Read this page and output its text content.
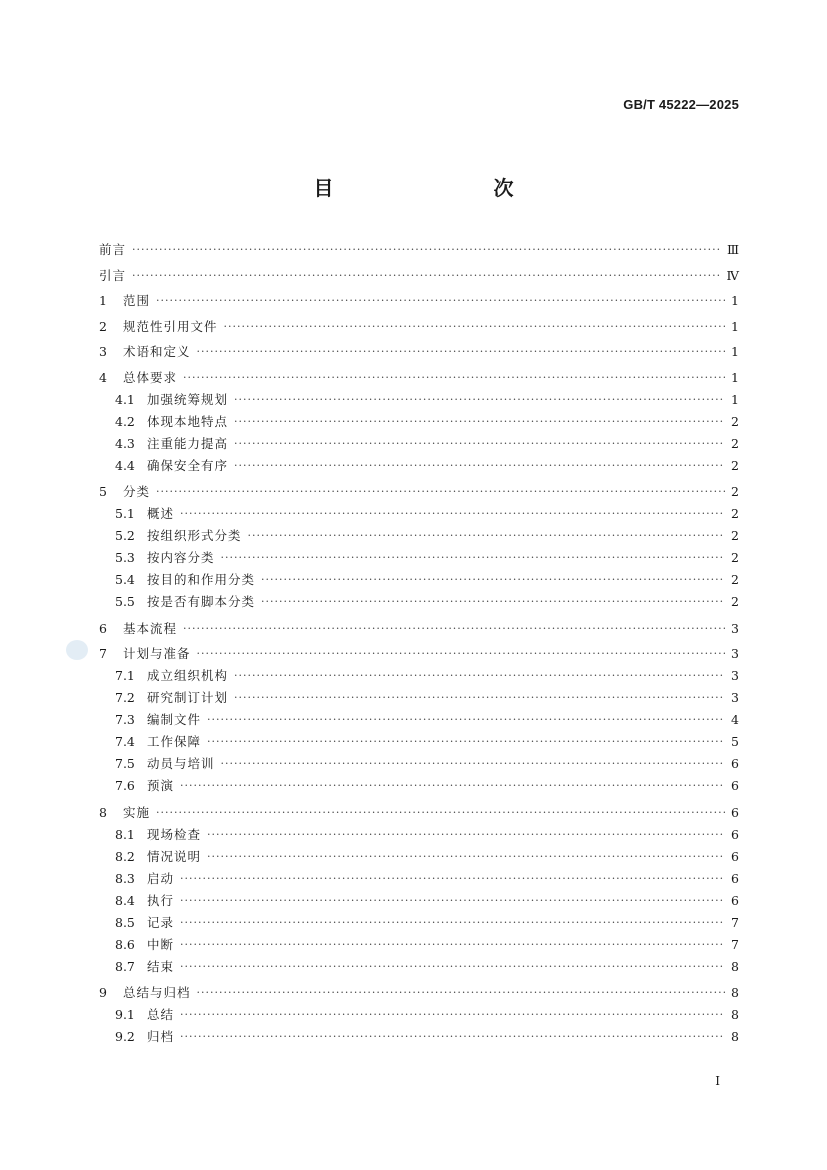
GB/T 45222—2025
目　　次
前言 ·····	Ⅲ
引言 ·····	Ⅳ
1	范围 ·····	1
2	规范性引用文件 ·····	1
3	术语和定义 ·····	1
4	总体要求 ·····	1
4.1 加强统筹规划 ·····	1
4.2 体现本地特点 ·····	2
4.3 注重能力提高 ·····	2
4.4 确保安全有序 ·····	2
5	分类 ·····	2
5.1 概述 ·····	2
5.2 按组织形式分类 ·····	2
5.3 按内容分类 ·····	2
5.4 按目的和作用分类 ·····	2
5.5 按是否有脚本分类 ·····	2
6	基本流程 ·····	3
7	计划与准备 ·····	3
7.1 成立组织机构 ·····	3
7.2 研究制订计划 ·····	3
7.3 编制文件 ·····	4
7.4 工作保障 ·····	5
7.5 动员与培训 ·····	6
7.6 预演 ·····	6
8	实施 ·····	6
8.1 现场检查 ·····	6
8.2 情况说明 ·····	6
8.3 启动 ·····	6
8.4 执行 ·····	6
8.5 记录 ·····	7
8.6 中断 ·····	7
8.7 结束 ·····	8
9	总结与归档 ·····	8
9.1 总结 ·····	8
9.2 归档 ·····	8
I
